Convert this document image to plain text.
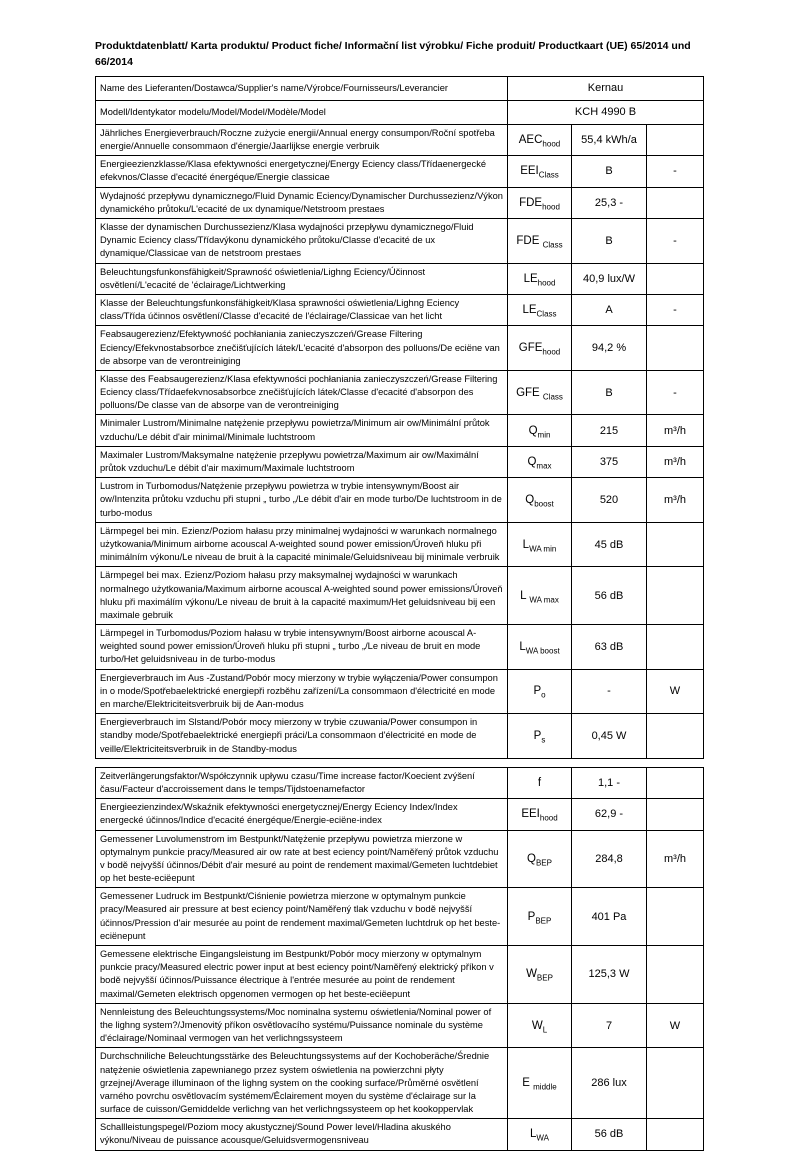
Produktdatenblatt/ Karta produktu/ Product fiche/ Informační list výrobku/ Fiche produit/ Productkaart (UE) 65/2014 und 66/2014
Name des Lieferanten/Dostawca/Supplier's name/Výrobce/Fournisseurs/Leverancier	Kernau		
Modell/Identykator modelu/Model/Model/Modèle/Model	KCH 4990 B		
Jährliches Energieverbrauch/Roczne zużycie energii/Annual energy consumpon/Roční spotřeba energie/Annuelle consommaon d'énergie/Jaarlijkse energie verbruik	$AEC_{hood}$	55,4 kWh/a	
Energieezienzklasse/Klasa efektywności energetycznej/Energy Eciency class/Třídaenergecké efekvnos/Classe d'ecacité énergéque/Energie classicae	$EEI_{Class}$	B	-
Wydajność przepływu dynamicznego/Fluid Dynamic Eciency/Dynamischer Durchussezienz/Výkon dynamického průtoku/L'ecacité de ux dynamique/Netstroom prestaes	$FDE_{hood}$	25,3 -	
Klasse der dynamischen Durchussezienz/Klasa wydajności przepływu dynamicznego/Fluid Dynamic Eciency class/Třídavýkonu dynamického průtoku/Classe d'ecacité de ux dynamique/Classicae van de netstroom prestaes	FDE $_{Class}$	B	-
Beleuchtungsfunkonsfähigkeit/Sprawność oświetlenia/Lighng Eciency/Účinnost osvětlení/L'ecacité de 'éclairage/Lichtwerking	$LE_{hood}$	40,9 lux/W	
Klasse der Beleuchtungsfunkonsfähigkeit/Klasa sprawności oświetlenia/Lighng Eciency class/Třída účinnos osvětlení/Classe d'ecacité de l'éclairage/Classicae van het licht	$LE_{Class}$	A	-
Feabsaugerezienz/Efektywność pochłaniania zanieczyszczeń/Grease Filtering Eciency/Efekvnostabsorbce znečišťujících látek/L'ecacité d'absorpon des polluons/De eciëne van de absorpe van de verontreiniging	$GFE_{hood}$	94,2 %	
Klasse des Feabsaugerezienz/Klasa efektywności pochłaniania zanieczyszczeń/Grease Filtering Eciency class/Třídaefekvnosabsorbce znečišťujících látek/Classe d'ecacité d'absorpon des polluons/De classe van de absorpe van de verontreiniging	GFE $_{Class}$	B	-
Minimaler Lustrom/Minimalne natężenie przepływu powietrza/Minimum air ow/Minimální průtok vzduchu/Le débit d'air minimal/Minimale luchtstroom	$Q_{min}$	215	m³/h
Maximaler Lustrom/Maksymalne natężenie przepływu powietrza/Maximum air ow/Maximální průtok vzduchu/Le débit d'air maximum/Maximale luchtstroom	$Q_{max}$	375	m³/h
Lustrom in Turbomodus/Natężenie przepływu powietrza w trybie intensywnym/Boost air ow/Intenzita průtoku vzduchu při stupni „ turbo „/Le débit d'air en mode turbo/De luchtstroom in de turbo-modus	$Q_{boost}$	520	m³/h
Lärmpegel bei min. Ezienz/Poziom hałasu przy minimalnej wydajności w warunkach normalnego użytkowania/Minimum airborne acouscal A-weighted sound power emission/Úroveň hluku při minimálním výkonu/Le niveau de bruit à la capacité minimale/Geluidsniveau bij minimale verbruik	$L_{WA min}$	45 dB	
Lärmpegel bei max. Ezienz/Poziom hałasu przy maksymalnej wydajności w warunkach normalnego użytkowania/Maximum airborne acouscal A-weighted sound power emissions/Úroveň hluku při maximálím výkonu/Le niveau de bruit à la capacité maximum/Het geluidsniveau bij een maximale gebruik	L $_{WA max}$	56 dB	
Lärmpegel in Turbomodus/Poziom hałasu w trybie intensywnym/Boost airborne acouscal A-weighted sound power emission/Úroveň hluku při stupni „ turbo „/Le niveau de bruit en mode turbo/Het geluidsniveau in de turbo-modus	$L_{WA boost}$	63 dB	
Energieverbrauch im Aus -Zustand/Pobór mocy mierzony w trybie wyłączenia/Power consumpon in o mode/Spotřebaelektrické energiepři rozběhu zařízení/La consommaon d'électricité en mode en marche/Elektriciteitsverbruik bij de Aan-modus	$P_o$	-	W
Energieverbrauch im Slstand/Pobór mocy mierzony w trybie czuwania/Power consumpon in standby mode/Spotřebaelektrické energiepři práci/La consommaon d'électricité en mode de veille/Elektriciteitsverbruik in de Standby-modus	$P_s$	0,45 W	
Zeitverlängerungsfaktor/Współczynnik upływu czasu/Time increase factor/Koecient zvýšení času/Facteur d'accroissement dans le temps/Tijdstoenamefactor	f	1,1 -	
Energieezienzindex/Wskaźnik efektywności energetycznej/Energy Eciency Index/Index energecké účinnos/Indice d'ecacité énergéque/Energie-eciëne-index	$EEI_{hood}$	62,9 -	
Gemessener Luvolumenstrom im Bestpunkt/Natężenie przepływu powietrza mierzone w optymalnym punkcie pracy/Measured air ow rate at best eciency point/Naměřený průtok vzduchu v bodě nejvyšší účinnos/Débit d'air mesuré au point de rendement maximal/Gemeten luchtdebiet op het beste-eciëepunt	$Q_{BEP}$	284,8	m³/h
Gemessener Ludruck im Bestpunkt/Ciśnienie powietrza mierzone w optymalnym punkcie pracy/Measured air pressure at best eciency point/Naměřený tlak vzduchu v bodě nejvyšší účinnos/Pression d'air mesurée au point de rendement maximal/Gemeten luchtdruk op het beste-eciënepunt	$P_{BEP}$	401 Pa	
Gemessene elektrische Eingangsleistung im Bestpunkt/Pobór mocy mierzony w optymalnym punkcie pracy/Measured electric power input at best eciency point/Naměřený elektrický příkon v bodě nejvyšší účinnos/Puissance électrique à l'entrée mesurée au point de rendement maximal/Gemeten elektrisch opgenomen vermogen op het beste-eciëepunt	$W_{BEP}$	125,3 W	
Nennleistung des Beleuchtungssystems/Moc nominalna systemu oświetlenia/Nominal power of the lighng system?/Jmenovitý příkon osvětlovacího systému/Puissance nominale du système d'éclairage/Nominaal vermogen van het verlichngssysteem	$W_L$	7	W
Durchschniliche Beleuchtungsstärke des Beleuchtungssystems auf der Kochoberäche/Średnie natężenie oświetlenia zapewnianego przez system oświetlenia na powierzchni płyty grzejnej/Average illuminaon of the lighng system on the cooking surface/Průměrné osvětlení varného povrchu osvětlovacím systémem/Éclairement moyen du système d'éclairage sur la surface de cuisson/Gemiddelde verlichng van het verlichngssysteem op het kookoppervlak	E $_{middle}$	286 lux	
Schallleistungspegel/Poziom mocy akustycznej/Sound Power level/Hladina akuského výkonu/Niveau de puissance acousque/Geluidsvermogensniveau	$L_{WA}$	56 dB	
